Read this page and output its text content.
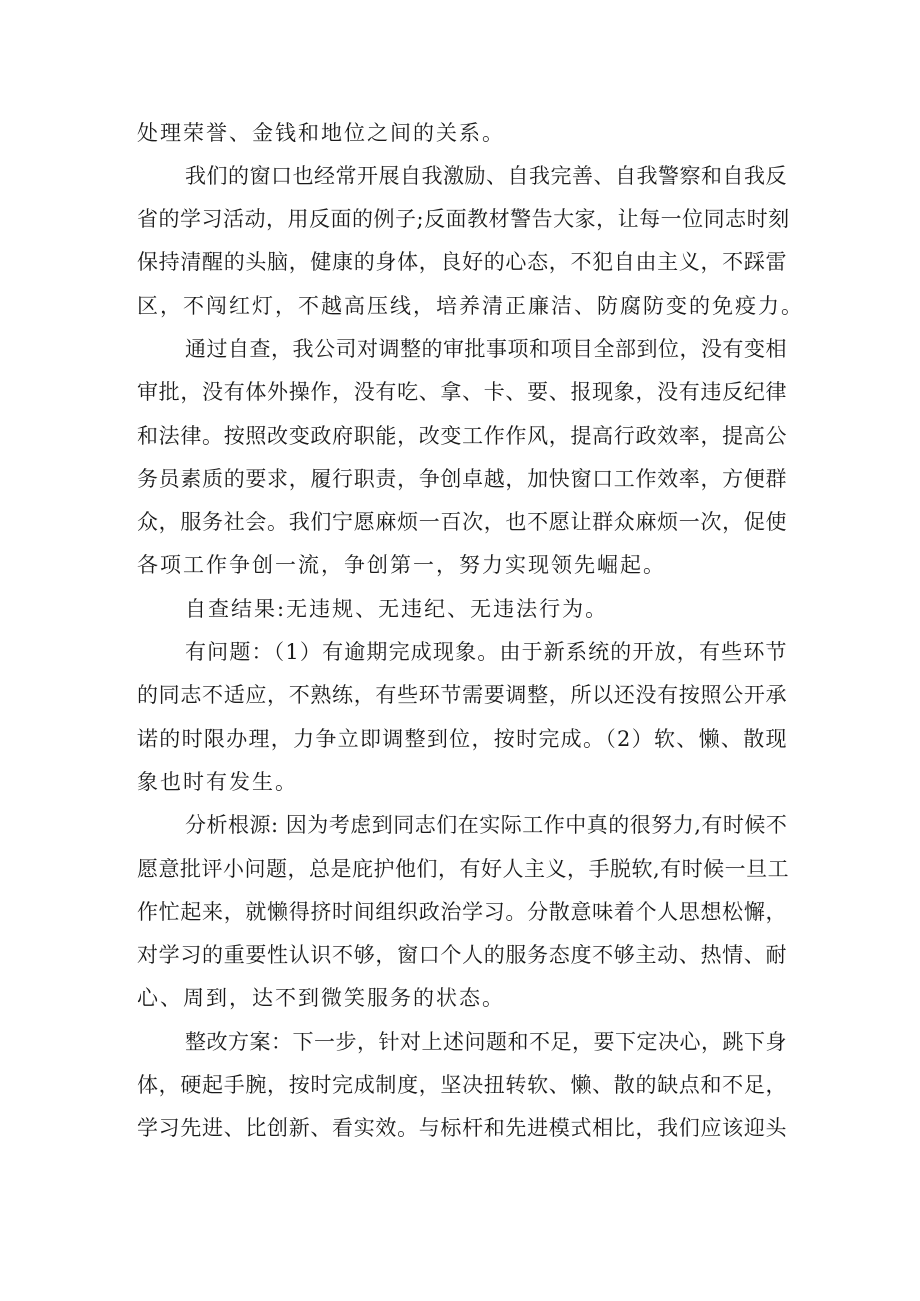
处理荣誉、金钱和地位之间的关系。
我们的窗口也经常开展自我激励、自我完善、自我警察和自我反
省的学习活动，用反面的例子;反面教材警告大家，让每一位同志时刻
保持清醒的头脑，健康的身体，良好的心态，不犯自由主义，不踩雷
区，不闯红灯，不越高压线，培养清正廉洁、防腐防变的免疫力。
通过自查，我公司对调整的审批事项和项目全部到位，没有变相
审批，没有体外操作，没有吃、拿、卡、要、报现象，没有违反纪律
和法律。按照改变政府职能，改变工作作风，提高行政效率，提高公
务员素质的要求，履行职责，争创卓越，加快窗口工作效率，方便群
众，服务社会。我们宁愿麻烦一百次，也不愿让群众麻烦一次，促使
各项工作争创一流，争创第一，努力实现领先崛起。
自查结果:无违规、无违纪、无违法行为。
有问题：（1）有逾期完成现象。由于新系统的开放，有些环节
的同志不适应，不熟练，有些环节需要调整，所以还没有按照公开承
诺的时限办理，力争立即调整到位，按时完成。（2）软、懒、散现
象也时有发生。
分析根源: 因为考虑到同志们在实际工作中真的很努力,有时候不
愿意批评小问题，总是庇护他们，有好人主义，手脱软,有时候一旦工
作忙起来，就懒得挤时间组织政治学习。分散意味着个人思想松懈，
对学习的重要性认识不够，窗口个人的服务态度不够主动、热情、耐
心、周到，达不到微笑服务的状态。
整改方案：下一步，针对上述问题和不足，要下定决心，跳下身
体，硬起手腕，按时完成制度，坚决扭转软、懒、散的缺点和不足，
学习先进、比创新、看实效。与标杆和先进模式相比，我们应该迎头
